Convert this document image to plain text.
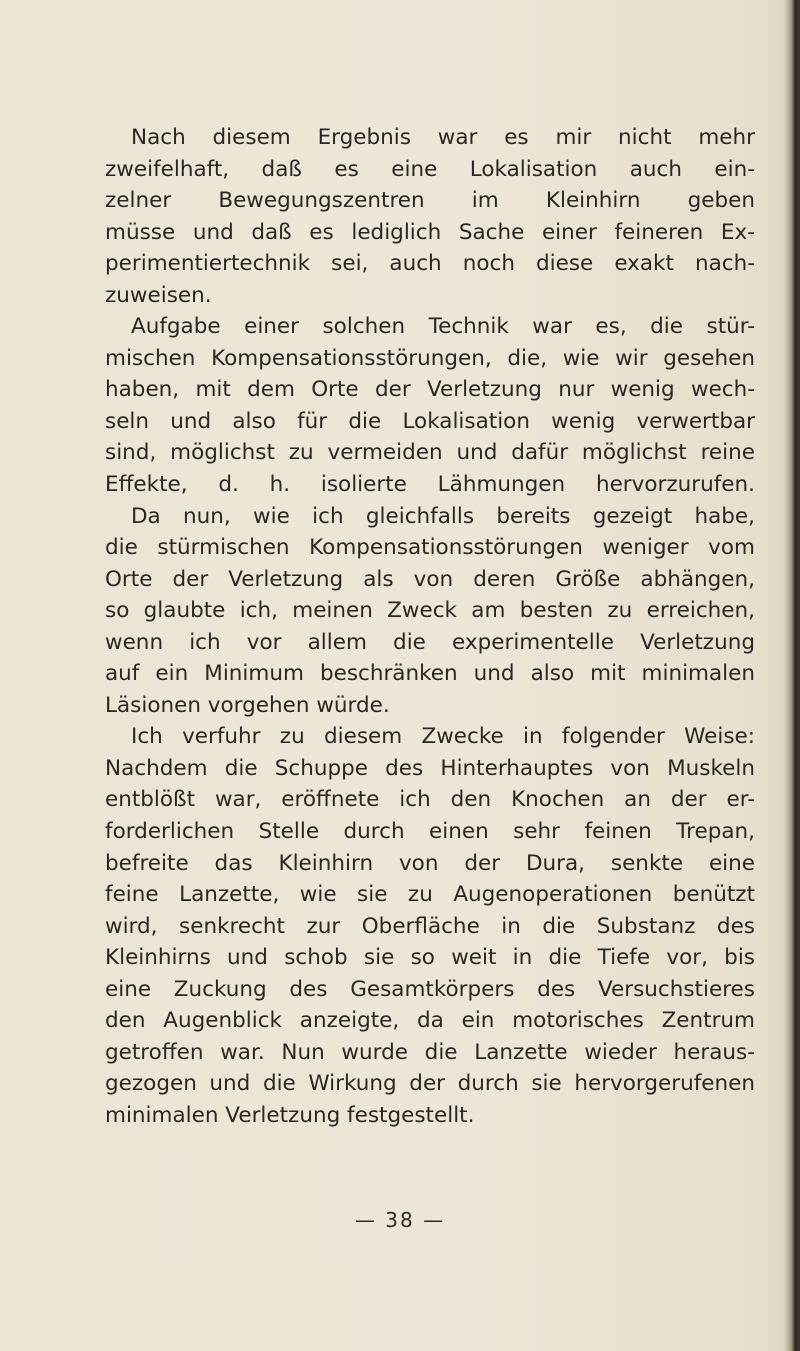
Nach diesem Ergebnis war es mir nicht mehr
zweifelhaft, daß es eine Lokalisation auch ein-
zelner Bewegungszentren im Kleinhirn geben
müsse und daß es lediglich Sache einer feineren Ex-
perimentiertechnik sei, auch noch diese exakt nach-
zuweisen.
Aufgabe einer solchen Technik war es, die stür-
mischen Kompensationsstörungen, die, wie wir gesehen
haben, mit dem Orte der Verletzung nur wenig wech-
seln und also für die Lokalisation wenig verwertbar
sind, möglichst zu vermeiden und dafür möglichst reine
Effekte, d. h. isolierte Lähmungen hervorzurufen.
Da nun, wie ich gleichfalls bereits gezeigt habe,
die stürmischen Kompensationsstörungen weniger vom
Orte der Verletzung als von deren Größe abhängen,
so glaubte ich, meinen Zweck am besten zu erreichen,
wenn ich vor allem die experimentelle Verletzung
auf ein Minimum beschränken und also mit minimalen
Läsionen vorgehen würde.
Ich verfuhr zu diesem Zwecke in folgender Weise:
Nachdem die Schuppe des Hinterhauptes von Muskeln
entblößt war, eröffnete ich den Knochen an der er-
forderlichen Stelle durch einen sehr feinen Trepan,
befreite das Kleinhirn von der Dura, senkte eine
feine Lanzette, wie sie zu Augenoperationen benützt
wird, senkrecht zur Oberfläche in die Substanz des
Kleinhirns und schob sie so weit in die Tiefe vor, bis
eine Zuckung des Gesamtkörpers des Versuchstieres
den Augenblick anzeigte, da ein motorisches Zentrum
getroffen war. Nun wurde die Lanzette wieder heraus-
gezogen und die Wirkung der durch sie hervorgerufenen
minimalen Verletzung festgestellt.
— 38 —
